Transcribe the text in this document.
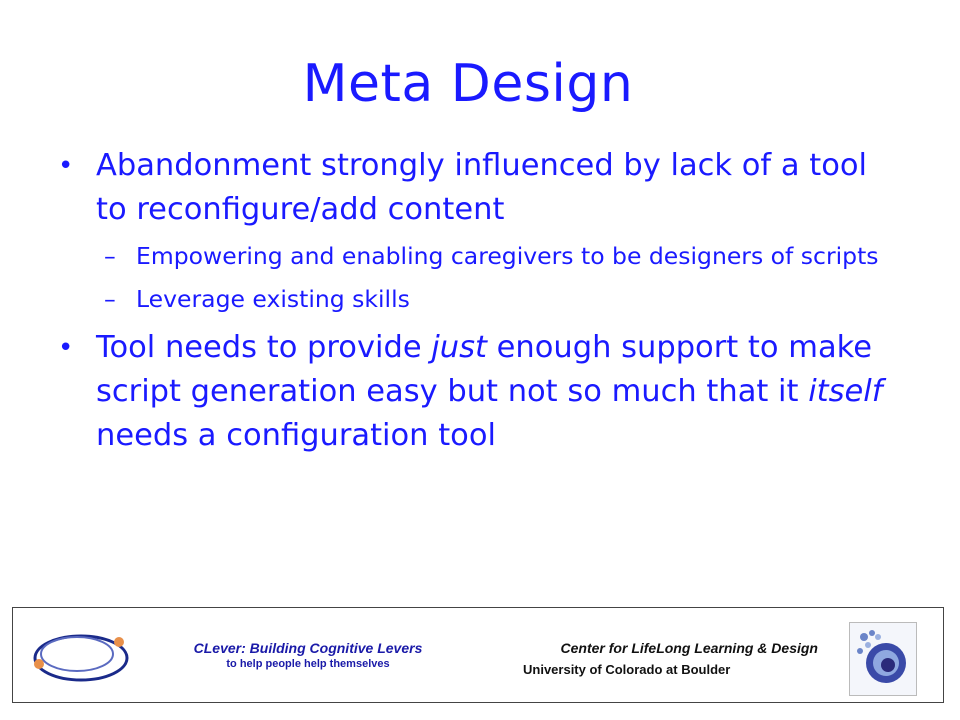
Meta Design
• Abandonment strongly influenced by lack of a tool to reconfigure/add content
– Empowering and enabling caregivers to be designers of scripts
– Leverage existing skills
• Tool needs to provide just enough support to make script generation easy but not so much that it itself needs a configuration tool
CLever: Building Cognitive Levers
to help people help themselves
Center for LifeLong Learning & Design
University of Colorado at Boulder
